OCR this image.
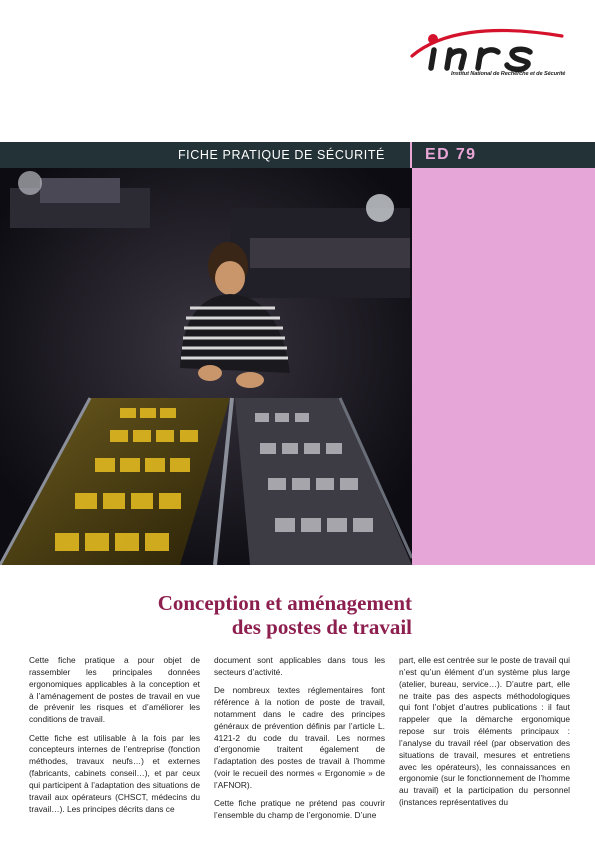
Institut National de Recherche et de Sécurité
FICHE PRATIQUE DE SÉCURITÉ	ED 79
Conception et aménagement
des postes de travail

Cette fiche pratique a pour objet de rassembler les principales données ergonomiques applicables à la conception et à l’aménagement de postes de travail en vue de prévenir les risques et d’améliorer les conditions de travail.

Cette fiche est utilisable à la fois par les concepteurs internes de l’entreprise (fonction méthodes, travaux neufs…) et externes (fabricants, cabinets conseil…), et par ceux qui participent à l’adaptation des situations de travail aux opérateurs (CHSCT, médecins du travail…). Les principes décrits dans ce

document sont applicables dans tous les secteurs d’activité.

De nombreux textes réglementaires font référence à la notion de poste de travail, notamment dans le cadre des principes généraux de prévention définis par l’article L. 4121-2 du code du travail. Les normes d’ergonomie traitent également de l’adaptation des postes de travail à l’homme (voir le recueil des normes « Ergonomie » de l’AFNOR).

Cette fiche pratique ne prétend pas couvrir l’ensemble du champ de l’ergonomie. D’une

part, elle est centrée sur le poste de travail qui n’est qu’un élément d’un système plus large (atelier, bureau, service…). D’autre part, elle ne traite pas des aspects méthodologiques qui font l’objet d’autres publications : il faut rappeler que la démarche ergonomique repose sur trois éléments principaux : l’analyse du travail réel (par observation des situations de travail, mesures et entretiens avec les opérateurs), les connaissances en ergonomie (sur le fonctionnement de l’homme au travail) et la participation du personnel (instances représentatives du
